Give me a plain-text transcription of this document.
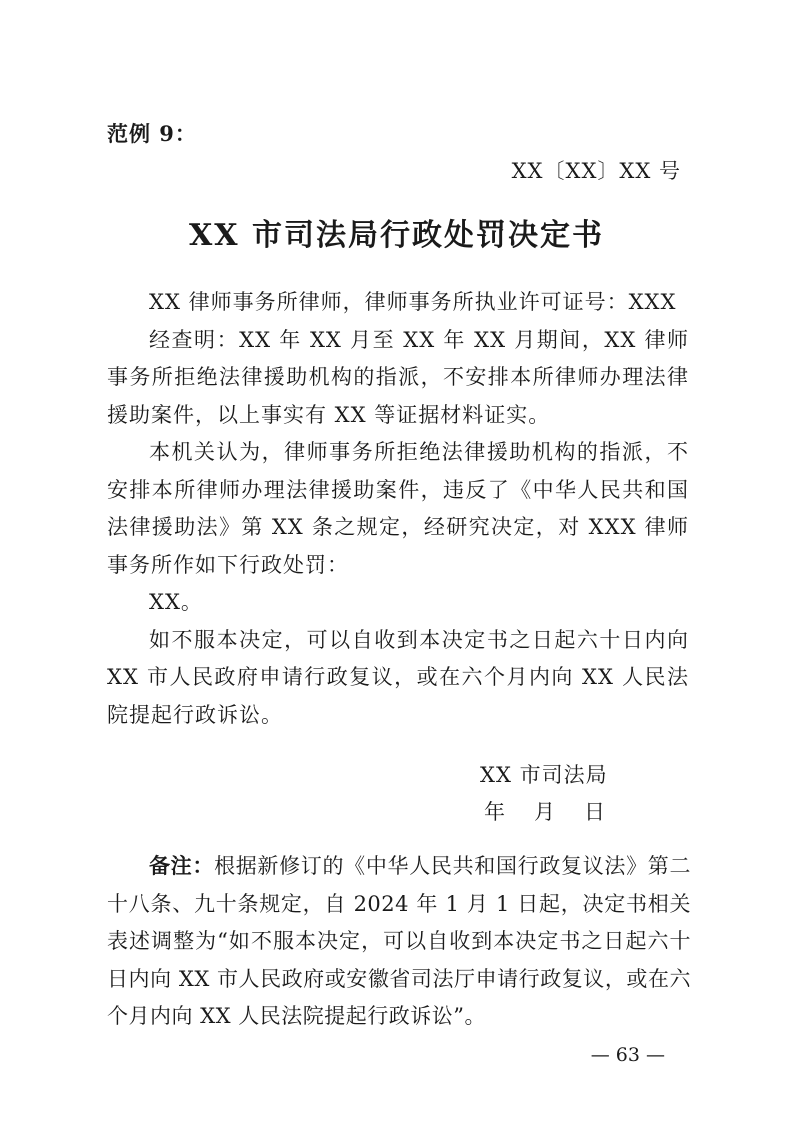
范例 9：
XX〔XX〕XX 号
XX 市司法局行政处罚决定书

XX 律师事务所律师，律师事务所执业许可证号：XXX

经查明：XX 年 XX 月至 XX 年 XX 月期间，XX 律师事务所拒绝法律援助机构的指派，不安排本所律师办理法律援助案件，以上事实有 XX 等证据材料证实。

本机关认为，律师事务所拒绝法律援助机构的指派，不安排本所律师办理法律援助案件，违反了《中华人民共和国法律援助法》第 XX 条之规定，经研究决定，对 XXX 律师事务所作如下行政处罚：

XX。

如不服本决定，可以自收到本决定书之日起六十日内向 XX 市人民政府申请行政复议，或在六个月内向 XX 人民法院提起行政诉讼。

XX 市司法局
年 月 日
备注：根据新修订的《中华人民共和国行政复议法》第二十八条、九十条规定，自 2024 年 1 月 1 日起，决定书相关表述调整为“如不服本决定，可以自收到本决定书之日起六十日内向 XX 市人民政府或安徽省司法厅申请行政复议，或在六个月内向 XX 人民法院提起行政诉讼”。
— 63 —
